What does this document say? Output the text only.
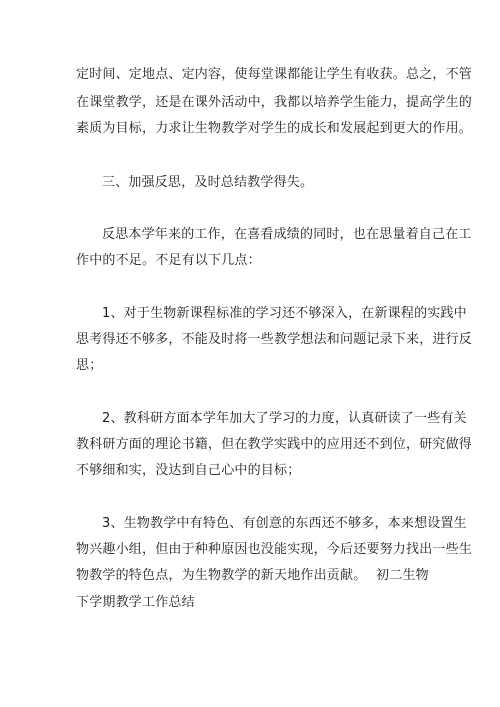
定时间、定地点、定内容，使每堂课都能让学生有收获。总之，不管

在课堂教学，还是在课外活动中，我都以培养学生能力，提高学生的

素质为目标，力求让生物教学对学生的成长和发展起到更大的作用。

三、加强反思，及时总结教学得失。

反思本学年来的工作，在喜看成绩的同时，也在思量着自己在工

作中的不足。不足有以下几点：

1、对于生物新课程标准的学习还不够深入，在新课程的实践中

思考得还不够多，不能及时将一些教学想法和问题记录下来，进行反

思；

2、教科研方面本学年加大了学习的力度，认真研读了一些有关

教科研方面的理论书籍，但在教学实践中的应用还不到位，研究做得

不够细和实，没达到自己心中的目标；

3、生物教学中有特色、有创意的东西还不够多，本来想设置生

物兴趣小组，但由于种种原因也没能实现，今后还要努力找出一些生

物教学的特色点，为生物教学的新天地作出贡献。 初二生物

下学期教学工作总结
